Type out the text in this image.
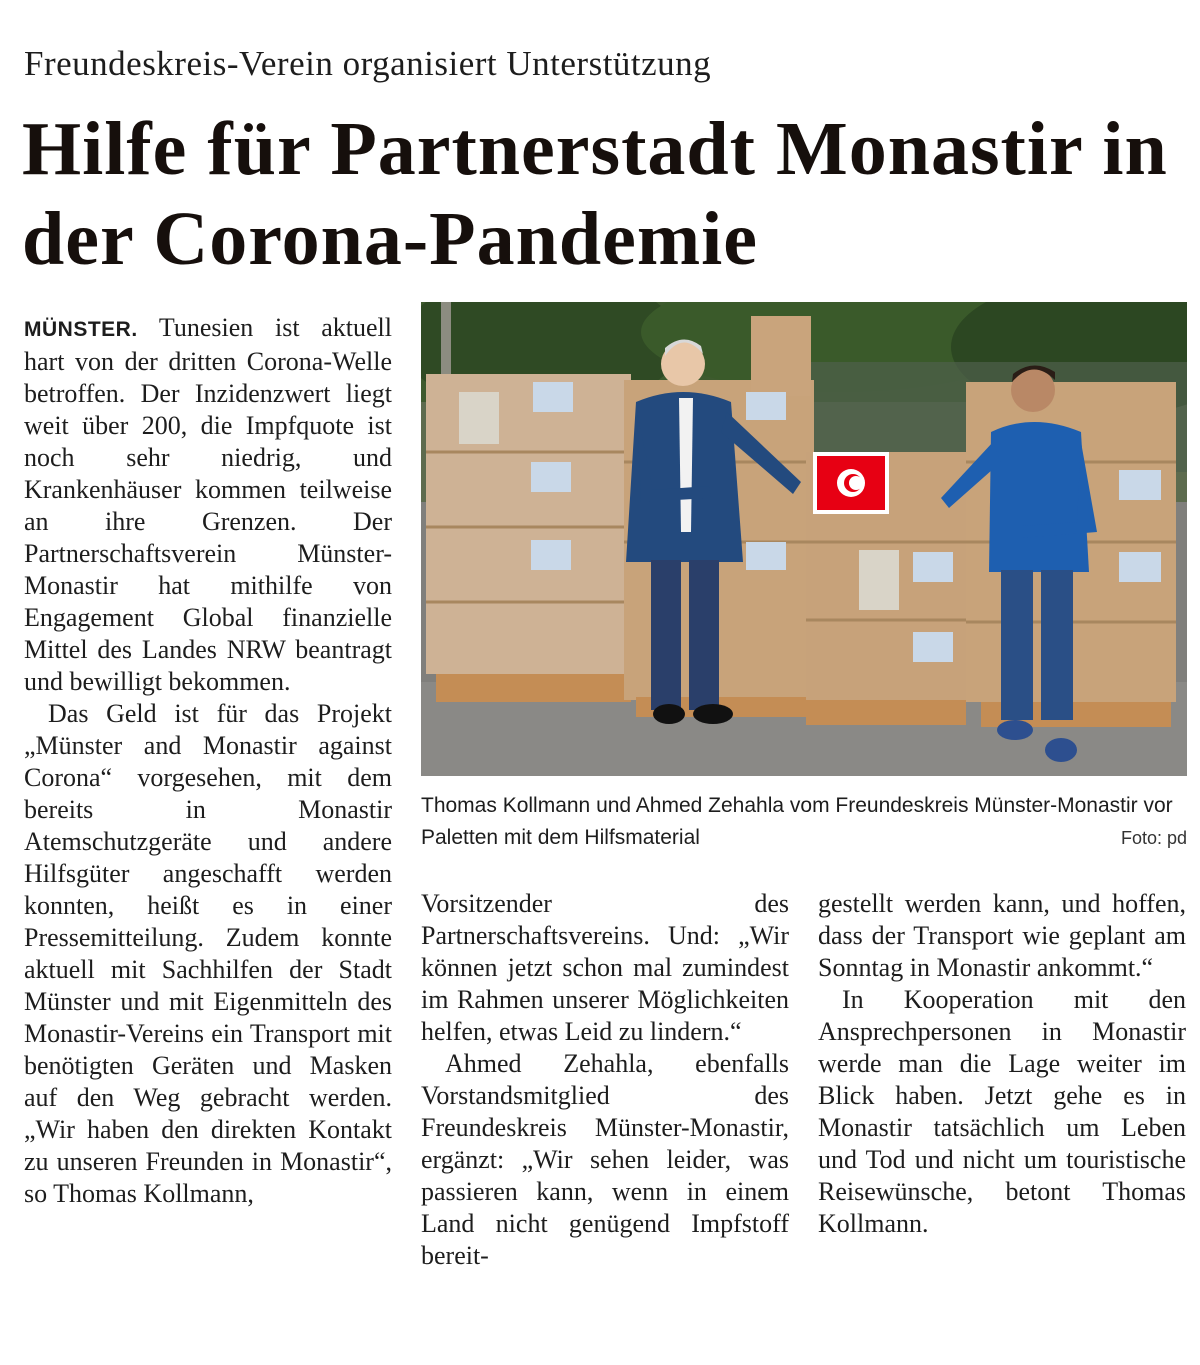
Freundeskreis-Verein organisiert Unterstützung
Hilfe für Partnerstadt Monastir in der Corona-Pandemie

MÜNSTER. Tunesien ist aktuell hart von der dritten Corona-Welle betroffen. Der Inzidenzwert liegt weit über 200, die Impfquote ist noch sehr niedrig, und Krankenhäuser kommen teilweise an ihre Grenzen. Der Partnerschaftsverein Münster-Monastir hat mithilfe von Engagement Global finanzielle Mittel des Landes NRW beantragt und bewilligt bekommen.

Das Geld ist für das Projekt „Münster and Monastir against Corona“ vorgesehen, mit dem bereits in Monastir Atemschutzgeräte und andere Hilfsgüter angeschafft werden konnten, heißt es in einer Pressemitteilung. Zudem konnte aktuell mit Sachhilfen der Stadt Münster und mit Eigenmitteln des Monastir-Vereins ein Transport mit benötigten Geräten und Masken auf den Weg gebracht werden. „Wir haben den direkten Kontakt zu unseren Freunden in Monastir“, so Thomas Kollmann,

Thomas Kollmann und Ahmed Zehahla vom Freundeskreis Münster-Monastir vor Paletten mit dem Hilfsmaterial	Foto: pd

Vorsitzender des Partnerschaftsvereins. Und: „Wir können jetzt schon mal zumindest im Rahmen unserer Möglichkeiten helfen, etwas Leid zu lindern.“

Ahmed Zehahla, ebenfalls Vorstandsmitglied des Freundeskreis Münster-Monastir, ergänzt: „Wir sehen leider, was passieren kann, wenn in einem Land nicht genügend Impfstoff bereit-

gestellt werden kann, und hoffen, dass der Transport wie geplant am Sonntag in Monastir ankommt.“

In Kooperation mit den Ansprechpersonen in Monastir werde man die Lage weiter im Blick haben. Jetzt gehe es in Monastir tatsächlich um Leben und Tod und nicht um touristische Reisewünsche, betont Thomas Kollmann.
